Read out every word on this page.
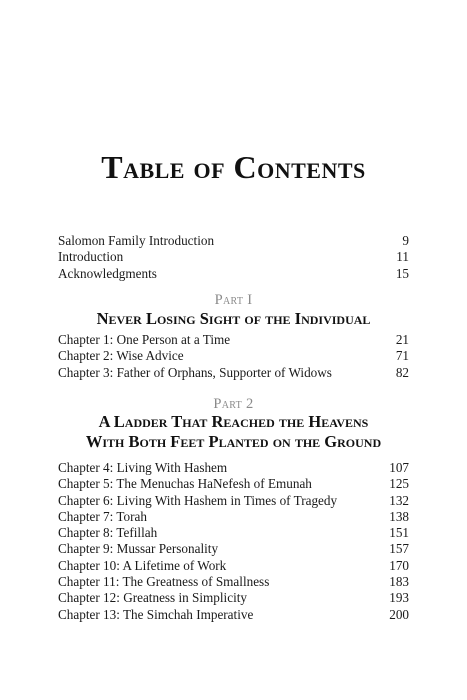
Table of Contents
Salomon Family Introduction	9
Introduction	11
Acknowledgments	15
Part I
Never Losing Sight of the Individual
Chapter 1: One Person at a Time	21
Chapter 2: Wise Advice	71
Chapter 3: Father of Orphans, Supporter of Widows	82
Part 2
A Ladder That Reached the Heavens
With Both Feet Planted on the Ground
Chapter 4: Living With Hashem	107
Chapter 5: The Menuchas HaNefesh of Emunah	125
Chapter 6: Living With Hashem in Times of Tragedy	132
Chapter 7: Torah	138
Chapter 8: Tefillah	151
Chapter 9: Mussar Personality	157
Chapter 10: A Lifetime of Work	170
Chapter 11: The Greatness of Smallness	183
Chapter 12: Greatness in Simplicity	193
Chapter 13: The Simchah Imperative	200
